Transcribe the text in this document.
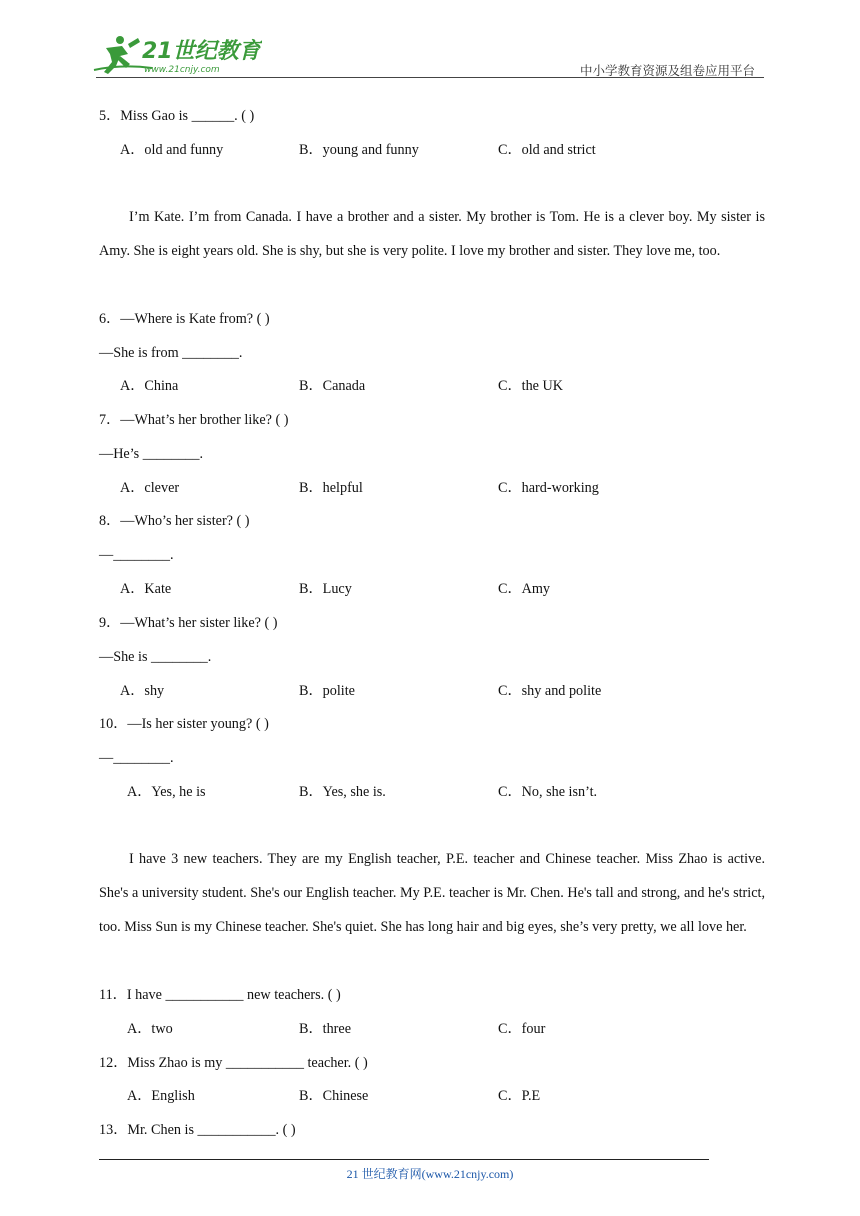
21世纪教育
www.21cnjy.com	中小学教育资源及组卷应用平台
5．Miss Gao is ______. ( )
A．old and funny	B．young and funny	C．old and strict
I’m Kate. I’m from Canada. I have a brother and a sister. My brother is Tom. He is a clever boy. My sister is Amy. She is eight years old. She is shy, but she is very polite. I love my brother and sister. They love me, too.
6．—Where is Kate from? ( )
—She is from ________.
A．China	B．Canada	C．the UK
7．—What’s her brother like? ( )
—He’s ________.
A．clever	B．helpful	C．hard-working
8．—Who’s her sister? ( )
—________.
A．Kate	B．Lucy	C．Amy
9．—What’s her sister like? ( )
—She is ________.
A．shy	B．polite	C．shy and polite
10．—Is her sister young? ( )
—________.
A．Yes, he is	B．Yes, she is.	C．No, she isn’t.
I have 3 new teachers. They are my English teacher, P.E. teacher and Chinese teacher. Miss Zhao is active. She's a university student. She's our English teacher. My P.E. teacher is Mr. Chen. He's tall and strong, and he's strict, too. Miss Sun is my Chinese teacher. She's quiet. She has long hair and big eyes, she’s very pretty, we all love her.
11．I have ___________ new teachers. ( )
A．two	B．three	C．four
12．Miss Zhao is my ___________ teacher. ( )
A．English	B．Chinese	C．P.E
13．Mr. Chen is ___________. ( )
21 世纪教育网(www.21cnjy.com)
